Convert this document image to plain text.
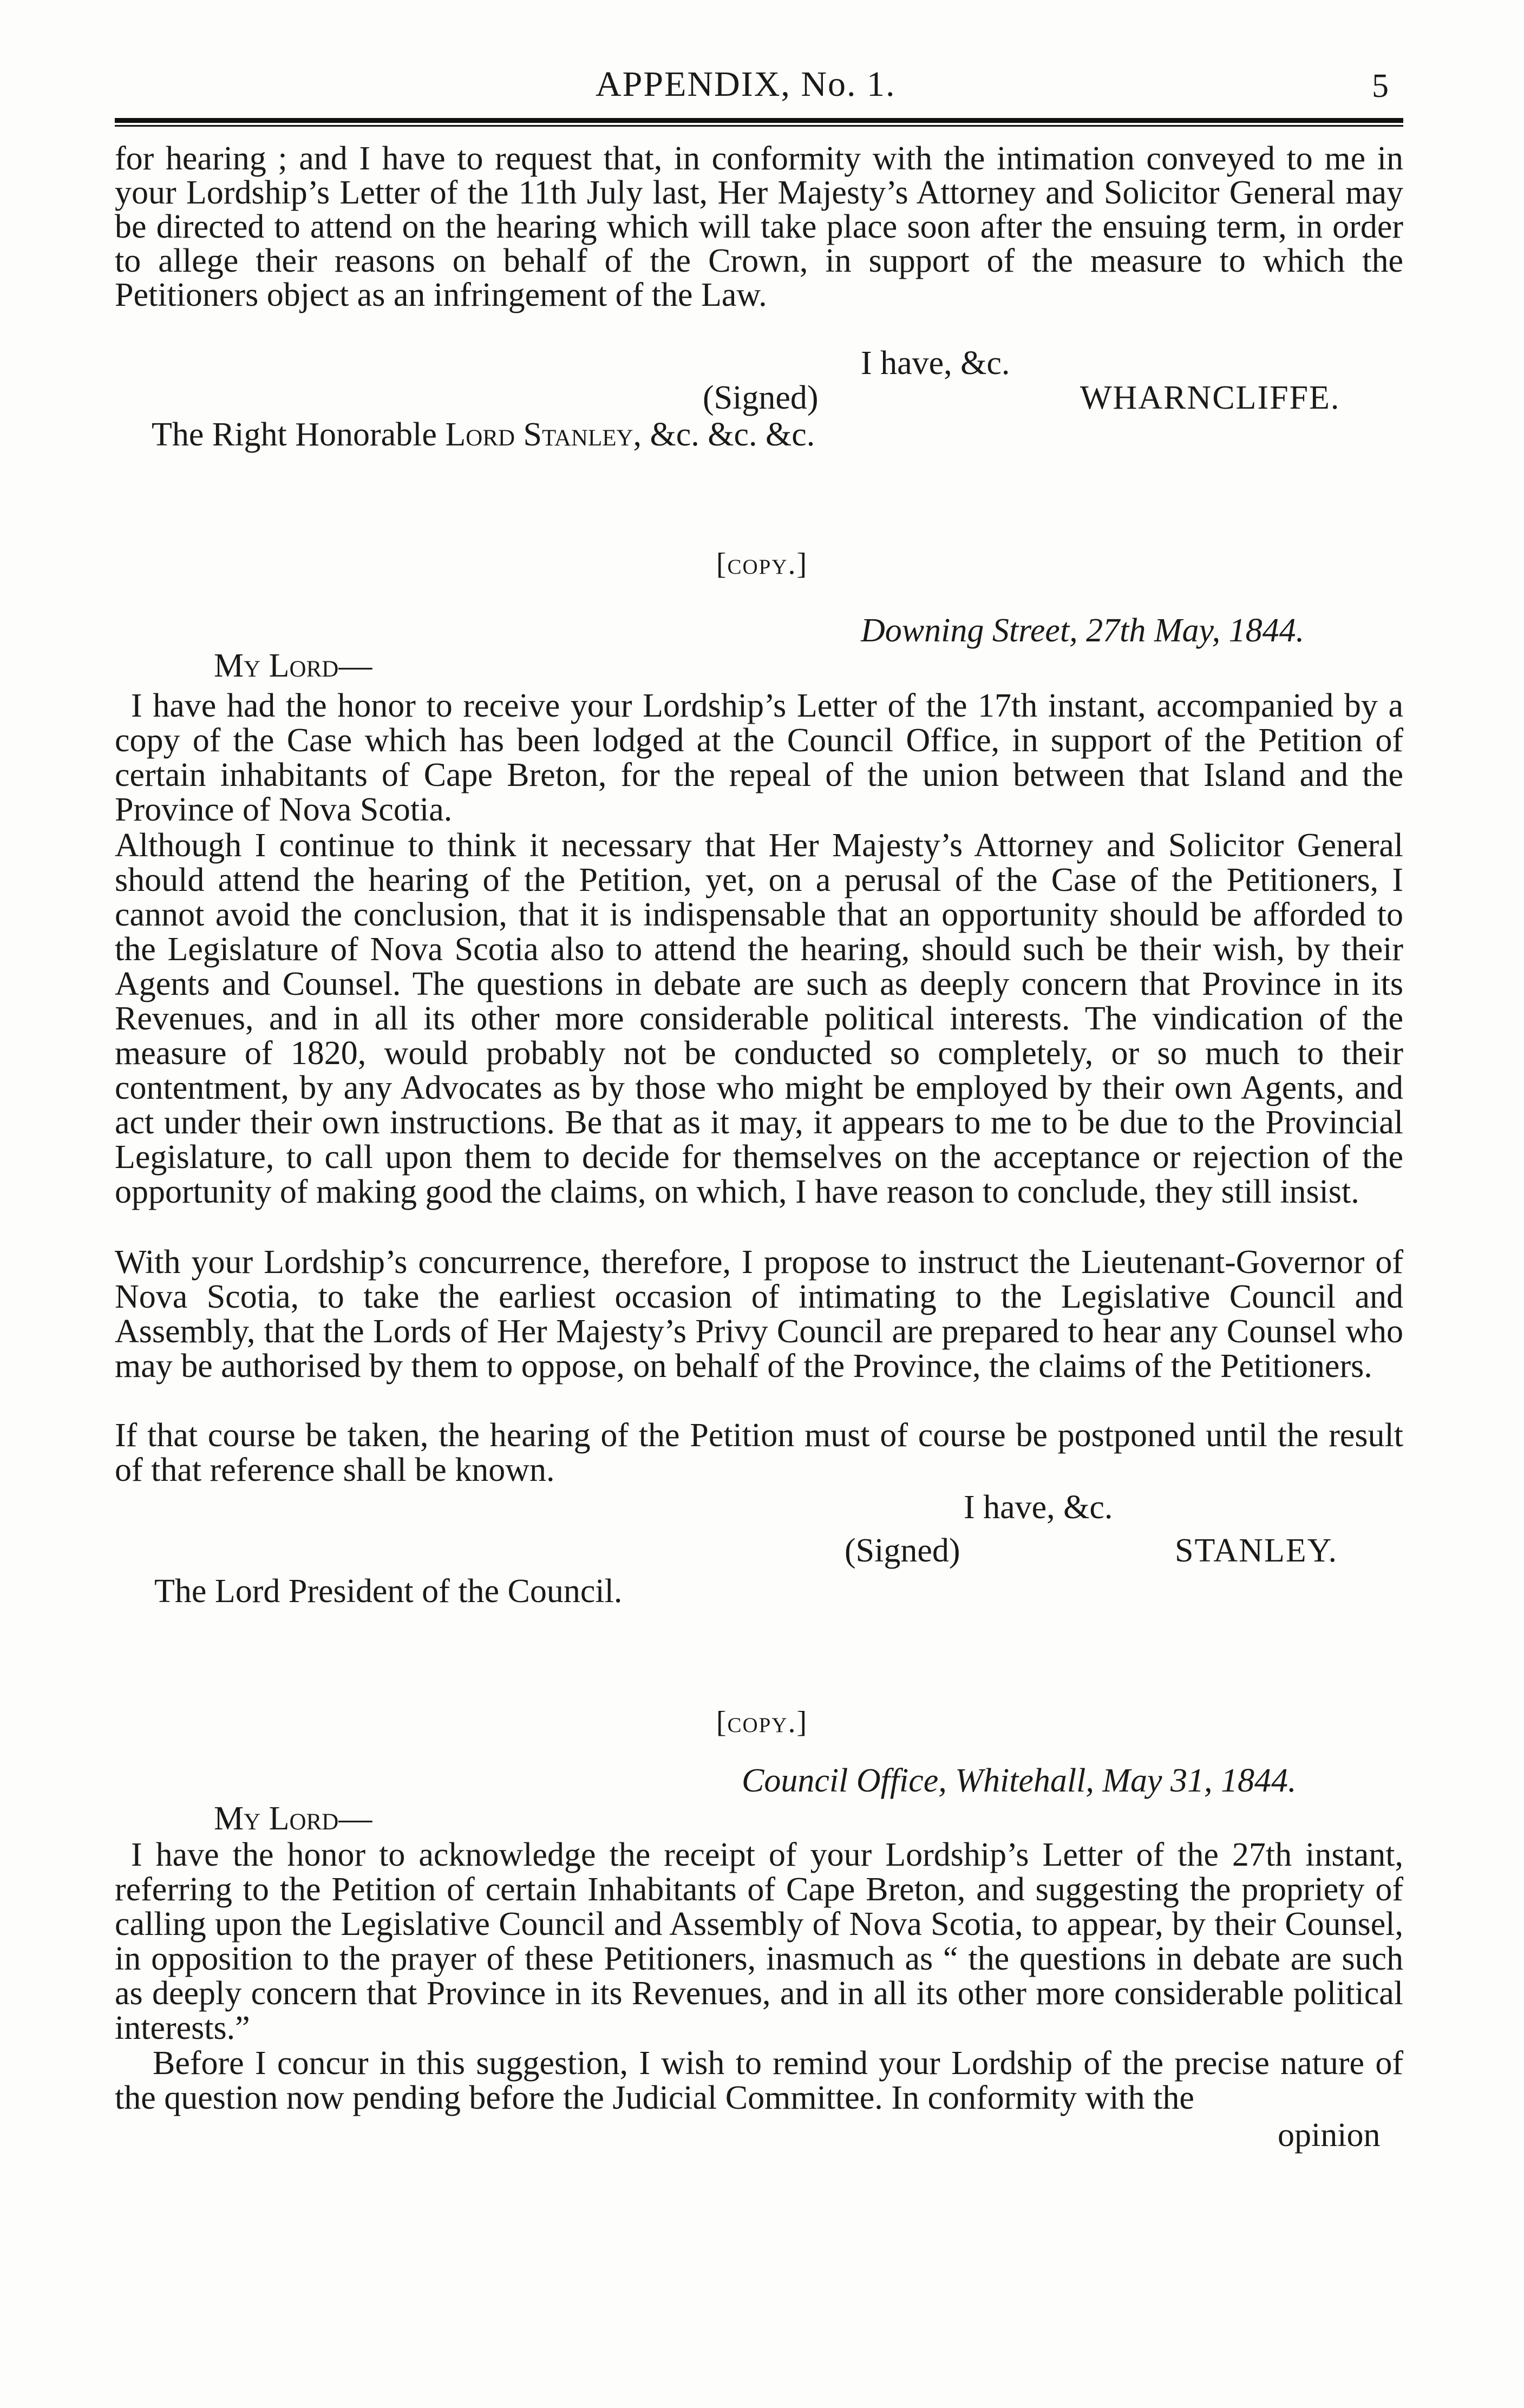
APPENDIX, No. 1.	5

for hearing ; and I have to request that, in conformity with the intimation conveyed to me in your Lordship’s Letter of the 11th July last, Her Majesty’s Attorney and Solicitor General may be directed to attend on the hearing which will take place soon after the ensuing term, in order to allege their reasons on behalf of the Crown, in support of the measure to which the Petitioners object as an infringement of the Law.

I have, &c.
(Signed)	WHARNCLIFFE.
The Right Honorable Lord Stanley, &c. &c. &c.
[copy.]
Downing Street, 27th May, 1844.
My Lord—

I have had the honor to receive your Lordship’s Letter of the 17th instant, accompanied by a copy of the Case which has been lodged at the Council Office, in support of the Petition of certain inhabitants of Cape Breton, for the repeal of the union between that Island and the Province of Nova Scotia.

Although I continue to think it necessary that Her Majesty’s Attorney and Solicitor General should attend the hearing of the Petition, yet, on a perusal of the Case of the Petitioners, I cannot avoid the conclusion, that it is indispensable that an opportunity should be afforded to the Legislature of Nova Scotia also to attend the hearing, should such be their wish, by their Agents and Counsel. The questions in debate are such as deeply concern that Province in its Revenues, and in all its other more considerable political interests. The vindication of the measure of 1820, would probably not be conducted so completely, or so much to their contentment, by any Advocates as by those who might be employed by their own Agents, and act under their own instructions. Be that as it may, it appears to me to be due to the Provincial Legislature, to call upon them to decide for themselves on the acceptance or rejection of the opportunity of making good the claims, on which, I have reason to conclude, they still insist.

With your Lordship’s concurrence, therefore, I propose to instruct the Lieutenant-Governor of Nova Scotia, to take the earliest occasion of intimating to the Legislative Council and Assembly, that the Lords of Her Majesty’s Privy Council are prepared to hear any Counsel who may be authorised by them to oppose, on behalf of the Province, the claims of the Petitioners.

If that course be taken, the hearing of the Petition must of course be postponed until the result of that reference shall be known.

I have, &c.
(Signed)	STANLEY.
The Lord President of the Council.
[copy.]
Council Office, Whitehall, May 31, 1844.
My Lord—

I have the honor to acknowledge the receipt of your Lordship’s Letter of the 27th instant, referring to the Petition of certain Inhabitants of Cape Breton, and suggesting the propriety of calling upon the Legislative Council and Assembly of Nova Scotia, to appear, by their Counsel, in opposition to the prayer of these Petitioners, inasmuch as “ the questions in debate are such as deeply concern that Province in its Revenues, and in all its other more considerable political interests.”

Before I concur in this suggestion, I wish to remind your Lordship of the precise nature of the question now pending before the Judicial Committee. In conformity with the

opinion
